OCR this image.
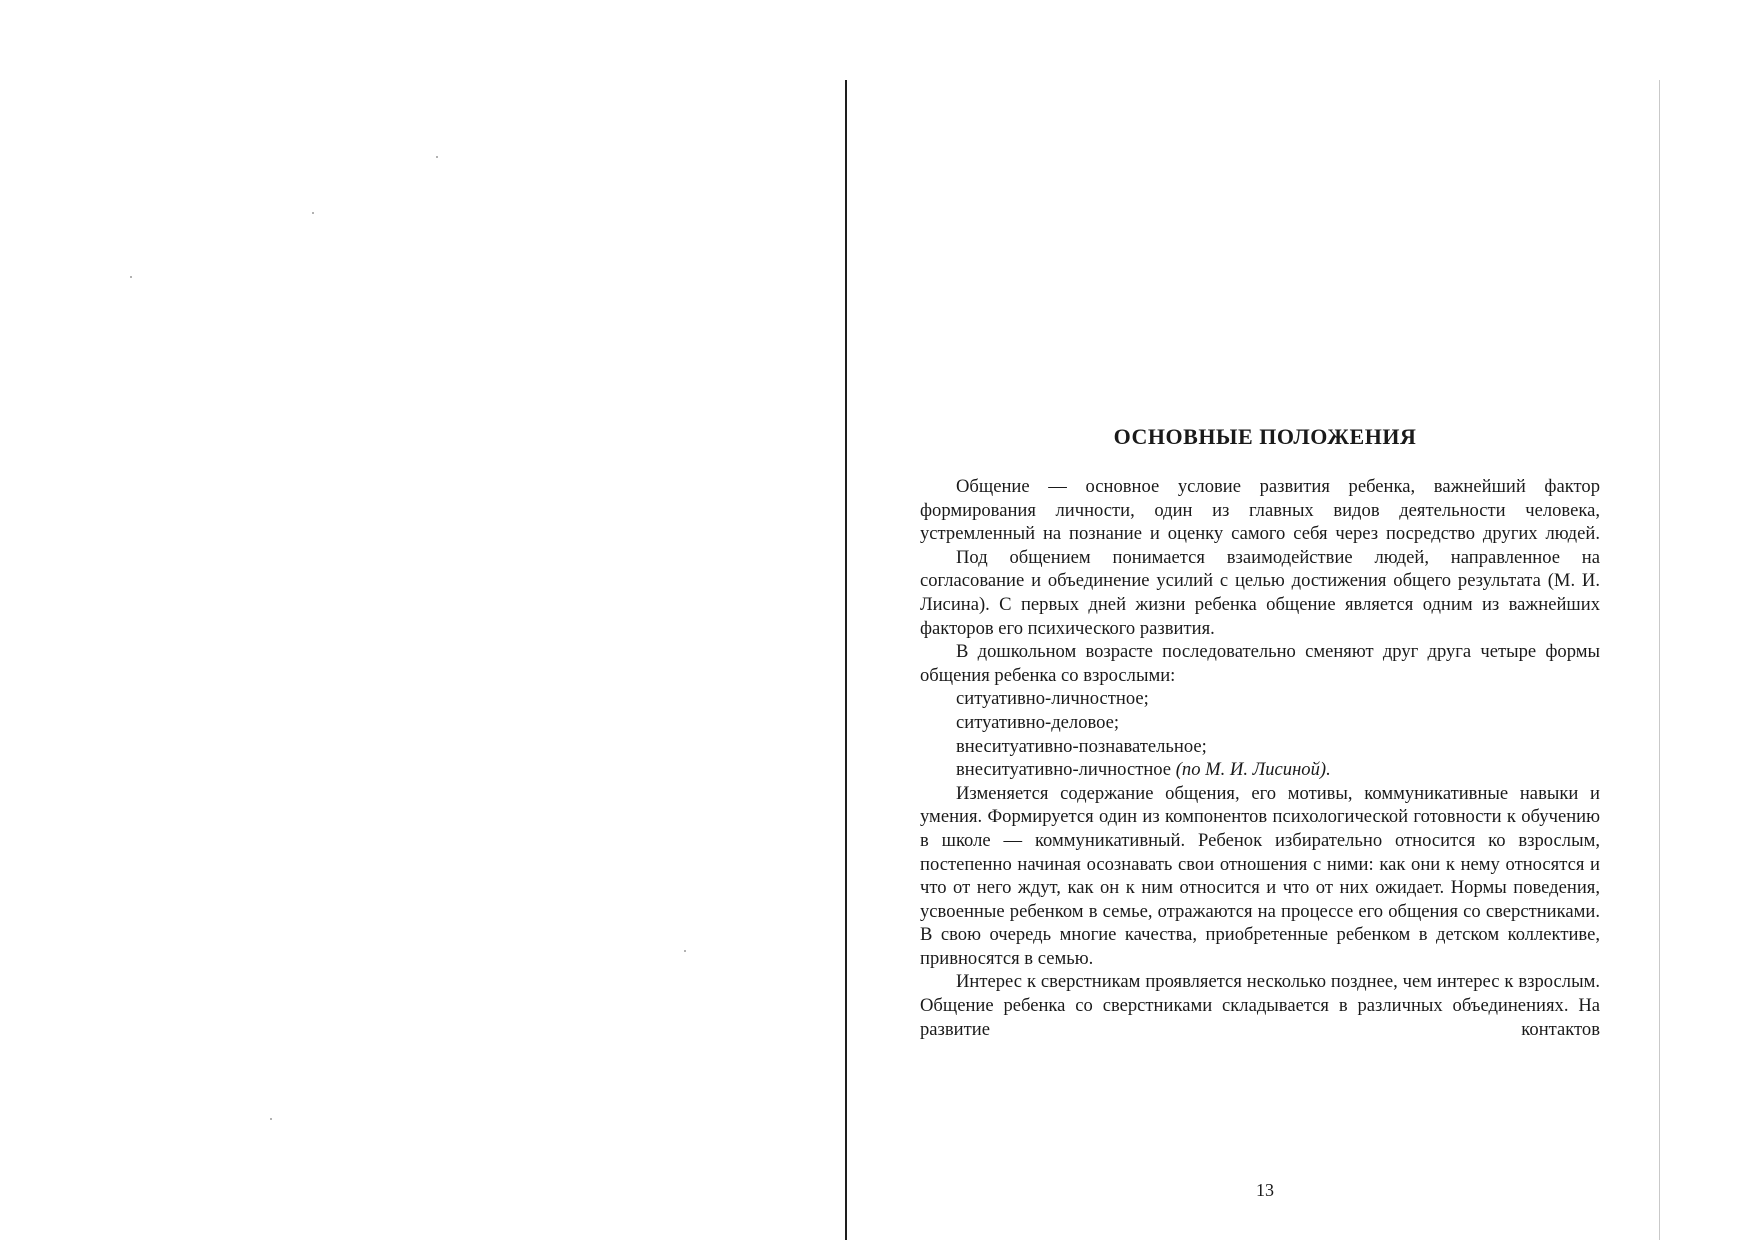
ОСНОВНЫЕ ПОЛОЖЕНИЯ

Общение — основное условие развития ребенка, важнейший фактор формирования личности, один из главных видов деятельности человека, устремленный на познание и оценку самого себя через посредство других людей.

Под общением понимается взаимодействие людей, направленное на согласование и объединение усилий с целью достижения общего результата (М. И. Лисина). С первых дней жизни ребенка общение является одним из важнейших факторов его психического развития.

В дошкольном возрасте последовательно сменяют друг друга четыре формы общения ребенка со взрослыми:

ситуативно-личностное;
ситуативно-деловое;
внеситуативно-познавательное;
внеситуативно-личностное (по М. И. Лисиной).

Изменяется содержание общения, его мотивы, коммуникативные навыки и умения. Формируется один из компонентов психологической готовности к обучению в школе — коммуникативный. Ребенок избирательно относится ко взрослым, постепенно начиная осознавать свои отношения с ними: как они к нему относятся и что от него ждут, как он к ним относится и что от них ожидает. Нормы поведения, усвоенные ребенком в семье, отражаются на процессе его общения со сверстниками. В свою очередь многие качества, приобретенные ребенком в детском коллективе, привносятся в семью.

Интерес к сверстникам проявляется несколько позднее, чем интерес к взрослым. Общение ребенка со сверстниками складывается в различных объединениях. На развитие контактов

13
